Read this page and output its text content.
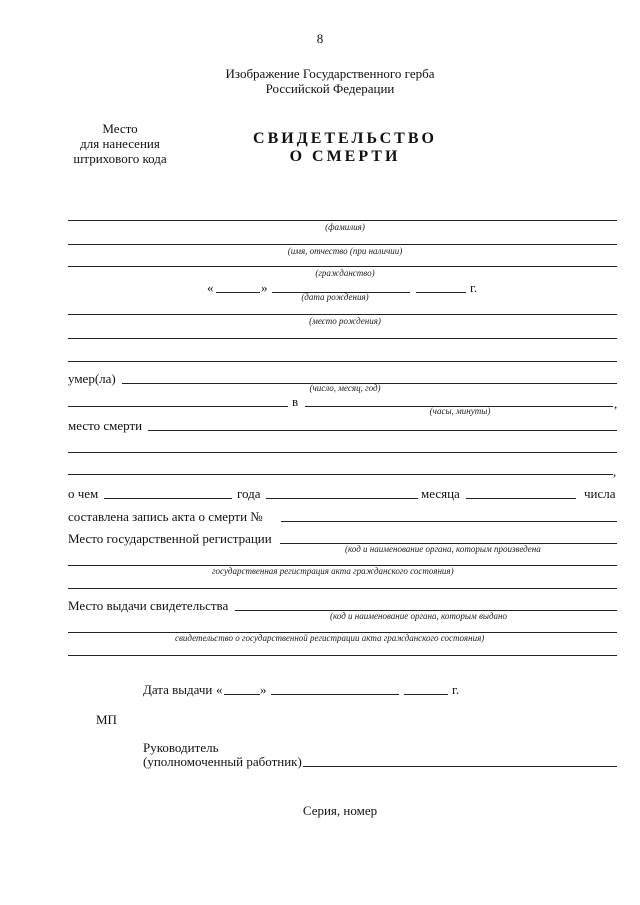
8
Изображение Государственного герба
Российской Федерации
Место
для нанесения
штрихового кода
СВИДЕТЕЛЬСТВО
О СМЕРТИ
(фамилия)
(имя, отчество (при наличии)
(гражданство)
«	»	г.
(дата рождения)
(место рождения)
умер(ла)
(число, месяц, год)
в	,
(часы, минуты)
место смерти
,
о чем	года	месяца	числа
составлена запись акта о смерти №
Место государственной регистрации
(код и наименование органа, которым произведена
государственная регистрация акта гражданского состояния)
Место выдачи свидетельства
(код и наименование органа, которым выдано
свидетельство о государственной регистрации акта гражданского состояния)
Дата выдачи «	»	г.
МП
Руководитель
(уполномоченный работник)
Серия, номер
